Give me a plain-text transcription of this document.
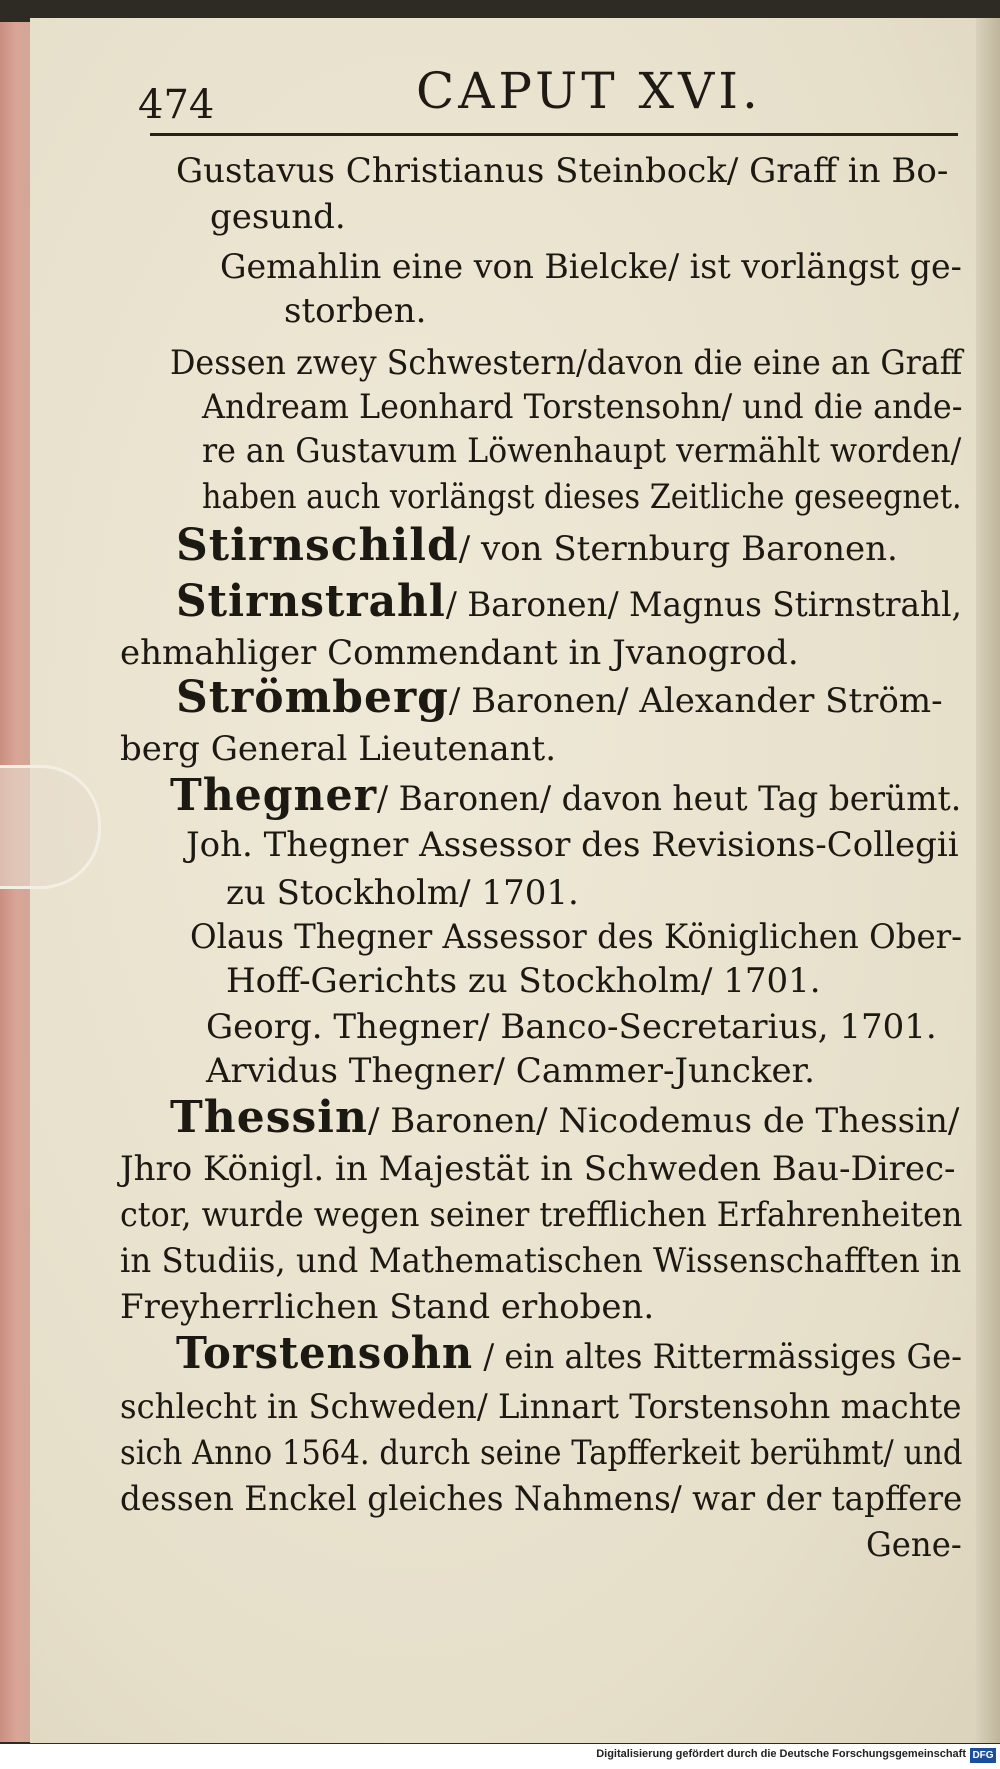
474	CAPUT XVI.
Gustavus Christianus Steinbock/ Graff in Bo-
gesund.
Gemahlin eine von Bielcke/ ist vorlängst ge-
storben.
Dessen zwey Schwestern/davon die eine an Graff
Andream Leonhard Torstensohn/ und die ande-
re an Gustavum Löwenhaupt vermählt worden/
haben auch vorlängst dieses Zeitliche geseegnet.
Stirnschild/ von Sternburg Baronen.
Stirnstrahl/ Baronen/ Magnus Stirnstrahl,
ehmahliger Commendant in Jvanogrod.
Strömberg/ Baronen/ Alexander Ström-
berg General Lieutenant.
Thegner/ Baronen/ davon heut Tag berümt.
Joh. Thegner Assessor des Revisions-Collegii
zu Stockholm/ 1701.
Olaus Thegner Assessor des Königlichen Ober-
Hoff-Gerichts zu Stockholm/ 1701.
Georg. Thegner/ Banco-Secretarius, 1701.
Arvidus Thegner/ Cammer-Juncker.
Thessin/ Baronen/ Nicodemus de Thessin/
Jhro Königl. in Majestät in Schweden Bau-Direc-
ctor, wurde wegen seiner trefflichen Erfahrenheiten
in Studiis, und Mathematischen Wissenschafften in
Freyherrlichen Stand erhoben.
Torstensohn / ein altes Rittermässiges Ge-
schlecht in Schweden/ Linnart Torstensohn machte
sich Anno 1564. durch seine Tapfferkeit berühmt/ und
dessen Enckel gleiches Nahmens/ war der tapffere
Gene-
Digitalisierung gefördert durch die Deutsche Forschungsgemeinschaft DFG
